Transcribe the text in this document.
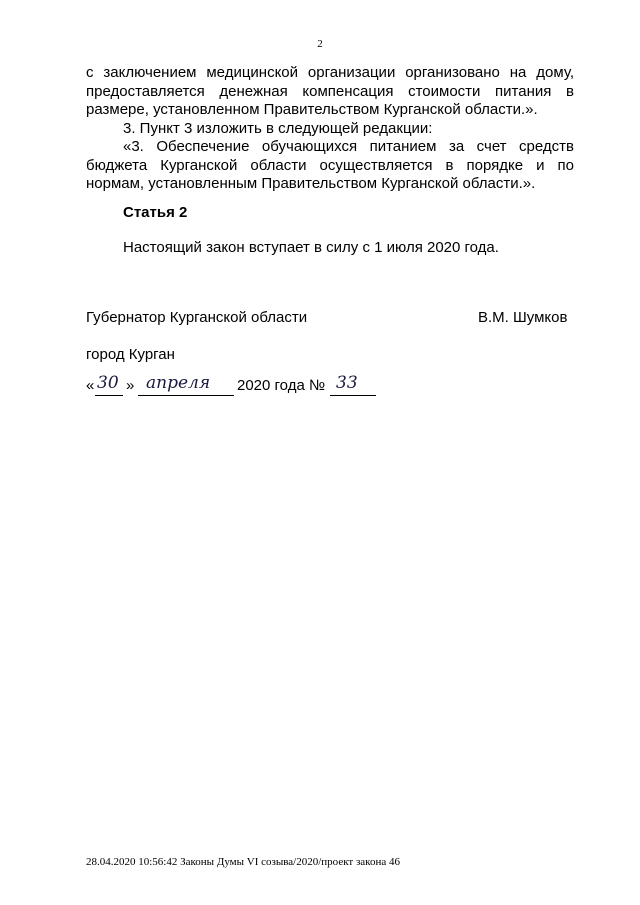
2

с заключением медицинской организации организовано на дому, предоставляется денежная компенсация стоимости питания в размере, установленном Правительством Курганской области.».

3. Пункт 3 изложить в следующей редакции:

«3. Обеспечение обучающихся питанием за счет средств бюджета Курганской области осуществляется в порядке и по нормам, установленным Правительством Курганской области.».

Статья 2
Настоящий закон вступает в силу с 1 июля 2020 года.
Губернатор Курганской области	В.М. Шумков
город Курган
« 30 » апреля 2020 года № 33
28.04.2020 10:56:42 Законы Думы VI созыва/2020/проект закона 46
